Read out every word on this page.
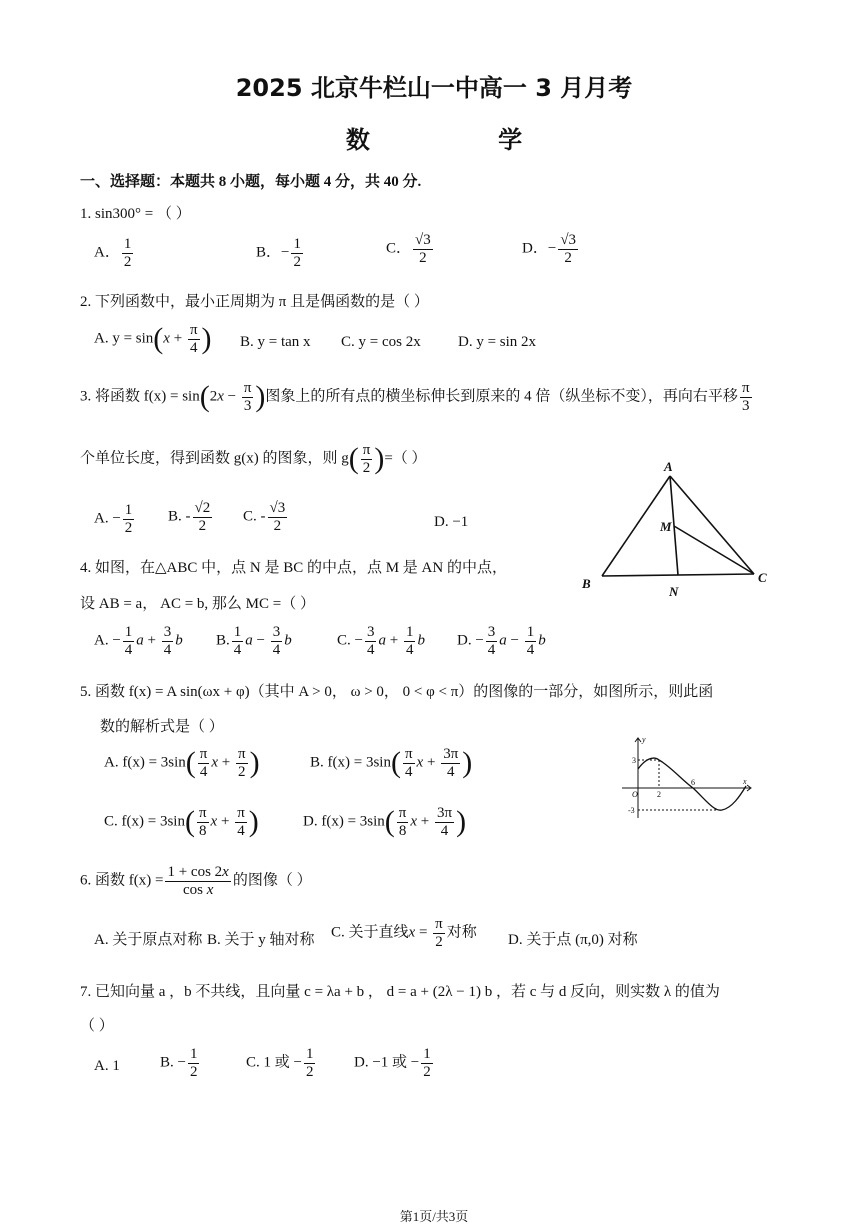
2025 北京牛栏山一中高一 3 月月考
数 学
一、选择题：本题共 8 小题，每小题 4 分，共 40 分.
1. sin300° = （ ）
A． $\frac{1}{2}$	B．− $\frac{1}{2}$	C． $\frac{√3}{2}$	D．− $\frac{√3}{2}$
2. 下列函数中，最小正周期为 π 且是偶函数的是（ ）
A. $y = \sin(x + \frac{\pi}{4}$ ) B. y = tan x C. y = cos 2x D. y = sin 2x
3. 将函数 $f(x) = \sin(2x - \frac{\pi}{3}$ )图象上的所有点的横坐标伸长到原来的 4 倍（纵坐标不变），再向右平移 $\frac{\pi}{3}$
个单位长度，得到函数 g(x) 的图象，则 $g( \frac{\pi}{2}$ )=（ ）
A. − $\frac{1}{2} B$. - $\frac{√2}{2} C$. - $\frac{√3}{2}$	D. −1
A
B	C
M
N
4. 如图，在△ABC 中，点 N 是 BC 的中点，点 M 是 AN 的中点，
设 AB = a， AC = b, 那么 MC =（ ）
A. − $\frac{1}{4}$ $a + \frac{3}{4}$ b B. $\frac{1}{4}$ $a - \frac{3}{4}$ b	C. − $\frac{3}{4}$ $a + \frac{1}{4}$ b D. − $\frac{3}{4}$ $a - \frac{1}{4}$ b
5. 函数 f(x) = A sin(ωx + φ)（其中 A > 0， ω > 0， 0 < φ < π）的图像的一部分，如图所示，则此函
数的解析式是（ ）
A. $f(x) = 3\sin( \frac{\pi}{4}$ $x + \frac{\pi}{2}$ )	B. $f(x) = 3\sin( \frac{\pi}{4}$ $x + \frac{3\pi}{4}$ )
C. $f(x) = 3\sin( \frac{\pi}{8}$ $x + \frac{\pi}{4}$ )	D. $f(x) = 3\sin( \frac{\pi}{8}$ $x + \frac{3\pi}{4}$ )
y
x
O
3
-3
2
6
6. 函数 $f(x) = \frac{1 + \cos 2x}{\text{cos x}}$ 的图像（ ）
A. 关于原点对称 B. 关于 y 轴对称 C. 关于直线$x = \frac{\pi}{2}$ 对称 D. 关于点 (π,0) 对称
7. 已知向量 a ，b 不共线，且向量 c = λa + b ， d = a + (2λ − 1) b ，若 c 与 d 反向，则实数 λ 的值为
（ ）
A. 1	B. − $\frac{1}{2}$	C. 1 或 − $\frac{1}{2}$	D. −1 或 − $\frac{1}{2}$
第1页/共3页
